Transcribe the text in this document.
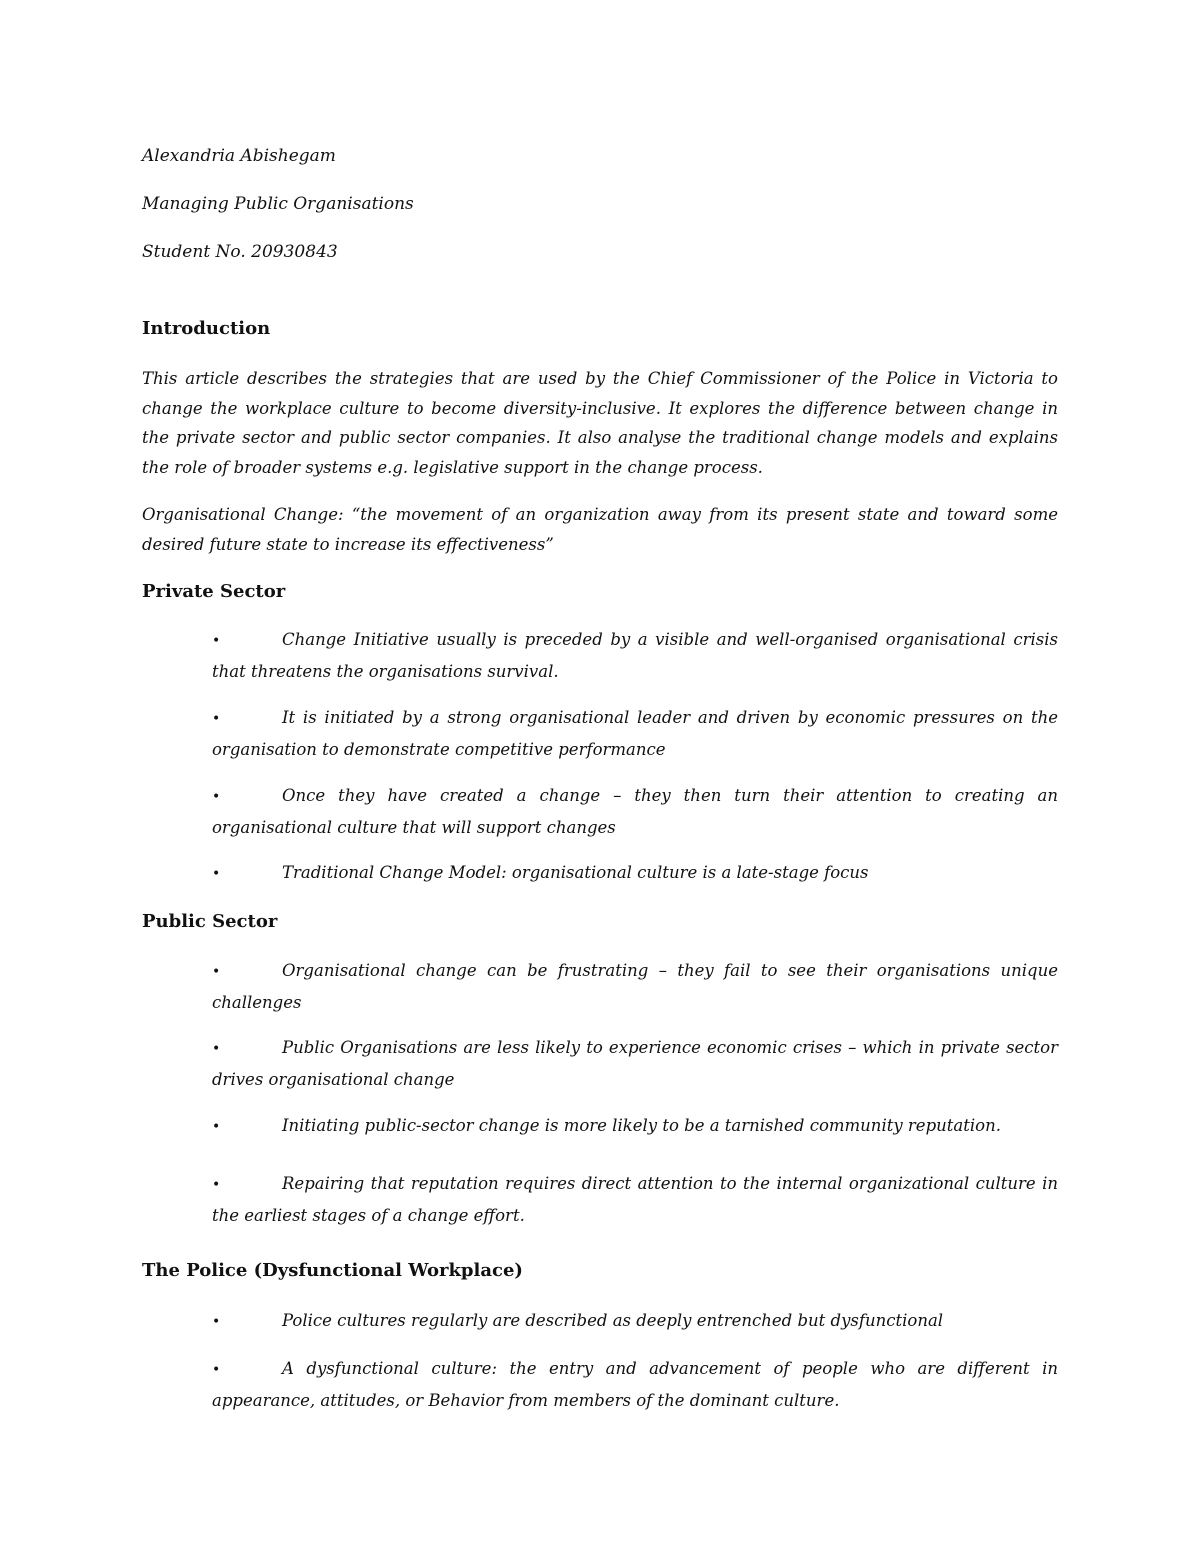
Alexandria Abishegam
Managing Public Organisations
Student No. 20930843
Introduction

This article describes the strategies that are used by the Chief Commissioner of the Police in Victoria to change the workplace culture to become diversity-inclusive. It explores the difference between change in the private sector and public sector companies. It also analyse the traditional change models and explains the role of broader systems e.g. legislative support in the change process.

Organisational Change: “the movement of an organization away from its present state and toward some desired future state to increase its effectiveness”

Private Sector

•	Change Initiative usually is preceded by a visible and well-organised organisational crisis that threatens the organisations survival.

•	It is initiated by a strong organisational leader and driven by economic pressures on the organisation to demonstrate competitive performance

•	Once they have created a change – they then turn their attention to creating an organisational culture that will support changes

•	Traditional Change Model: organisational culture is a late-stage focus

Public Sector

•	Organisational change can be frustrating – they fail to see their organisations unique challenges

•	Public Organisations are less likely to experience economic crises – which in private sector drives organisational change

•	Initiating public-sector change is more likely to be a tarnished community reputation.

•	Repairing that reputation requires direct attention to the internal organizational culture in the earliest stages of a change effort.

The Police (Dysfunctional Workplace)

•	Police cultures regularly are described as deeply entrenched but dysfunctional

•	A dysfunctional culture: the entry and advancement of people who are different in appearance, attitudes, or Behavior from members of the dominant culture.
